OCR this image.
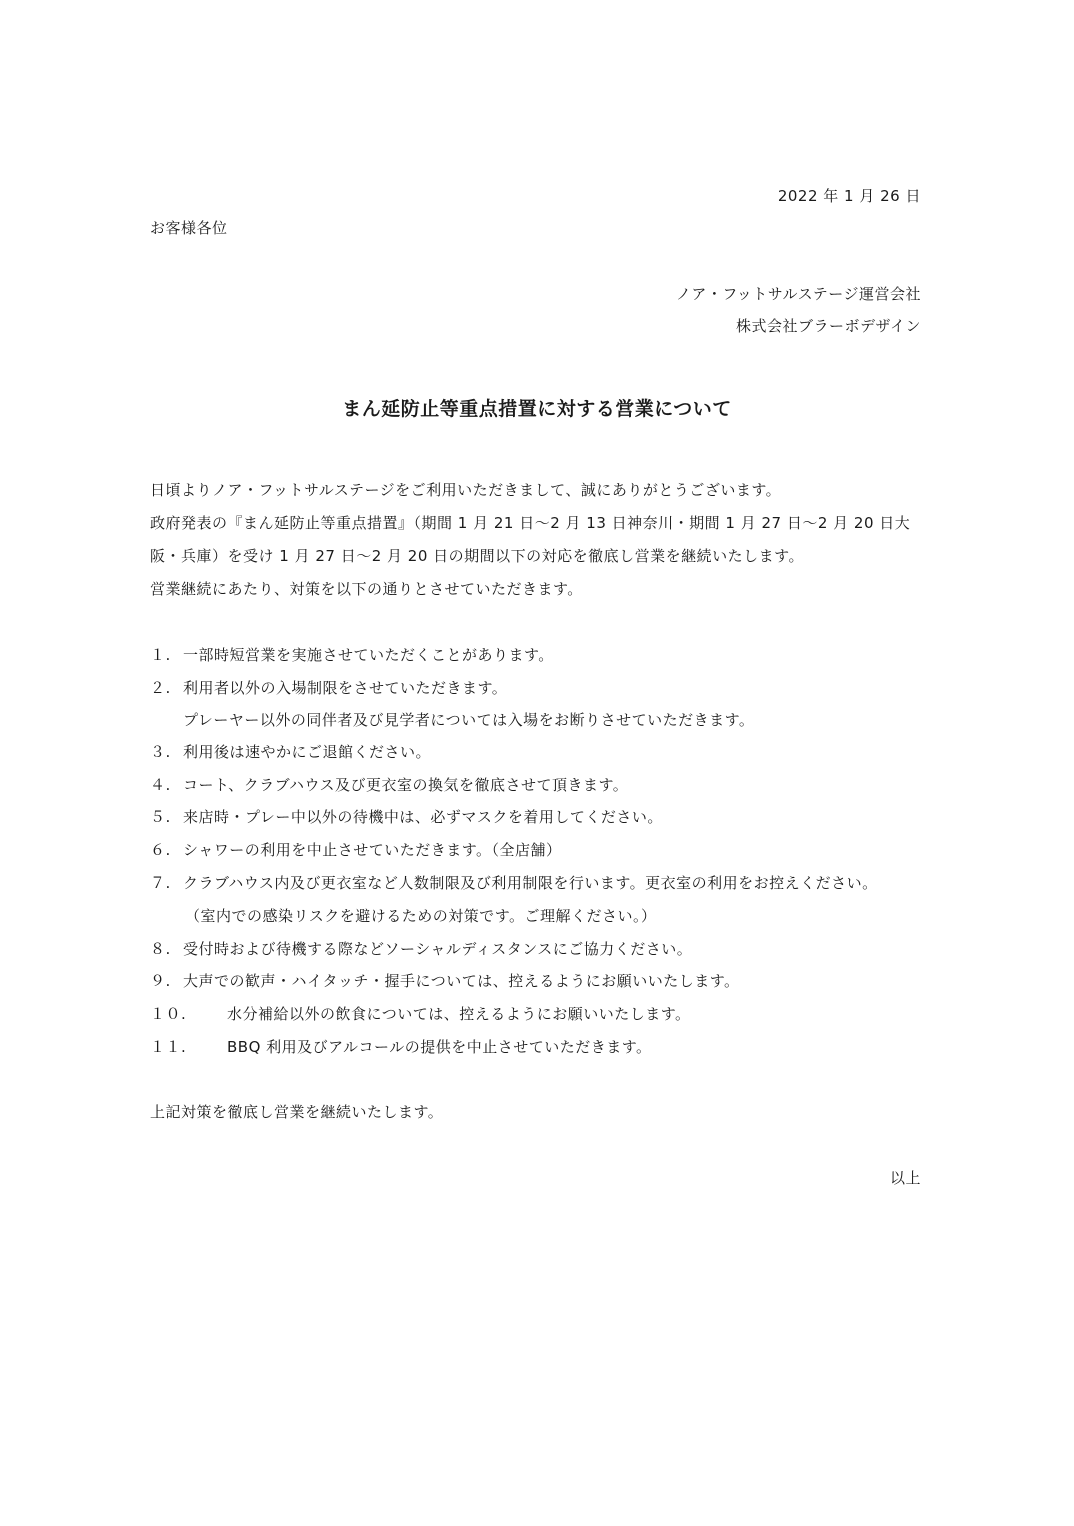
2022 年 1 月 26 日
お客様各位
ノア・フットサルステージ運営会社
株式会社ブラーボデザイン
まん延防止等重点措置に対する営業について
日頃よりノア・フットサルステージをご利用いただきまして、誠にありがとうございます。
政府発表の『まん延防止等重点措置』（期間 1 月 21 日～2 月 13 日神奈川・期間 1 月 27 日～2 月 20 日大
阪・兵庫）を受け 1 月 27 日～2 月 20 日の期間以下の対応を徹底し営業を継続いたします。
営業継続にあたり、対策を以下の通りとさせていただきます。
１. 一部時短営業を実施させていただくことがあります。
２. 利用者以外の入場制限をさせていただきます。
プレーヤー以外の同伴者及び見学者については入場をお断りさせていただきます。
３. 利用後は速やかにご退館ください。
４. コート、クラブハウス及び更衣室の換気を徹底させて頂きます。
５. 来店時・プレー中以外の待機中は、必ずマスクを着用してください。
６. シャワーの利用を中止させていただきます。（全店舗）
７. クラブハウス内及び更衣室など人数制限及び利用制限を行います。更衣室の利用をお控えください。
（室内での感染リスクを避けるための対策です。ご理解ください。）
８. 受付時および待機する際などソーシャルディスタンスにご協力ください。
９. 大声での歓声・ハイタッチ・握手については、控えるようにお願いいたします。
１０.	水分補給以外の飲食については、控えるようにお願いいたします。
１１.	BBQ 利用及びアルコールの提供を中止させていただきます。
上記対策を徹底し営業を継続いたします。
以上
